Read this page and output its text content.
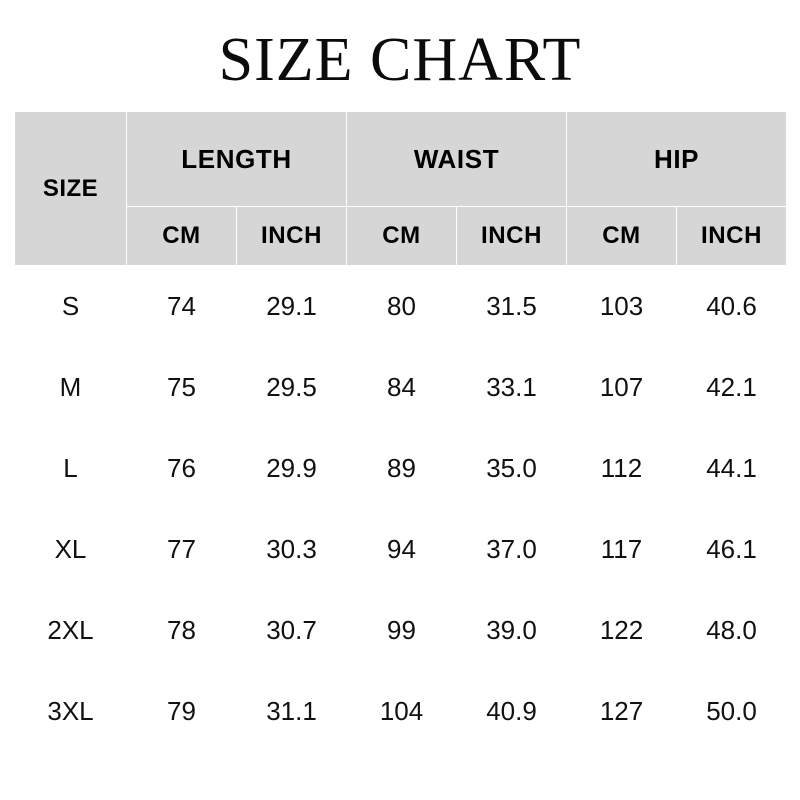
SIZE CHART
SIZE	LENGTH		WAIST		HIP	
	CM	INCH	CM	INCH	CM	INCH
S	74	29.1	80	31.5	103	40.6
M	75	29.5	84	33.1	107	42.1
L	76	29.9	89	35.0	112	44.1
XL	77	30.3	94	37.0	117	46.1
2XL	78	30.7	99	39.0	122	48.0
3XL	79	31.1	104	40.9	127	50.0
